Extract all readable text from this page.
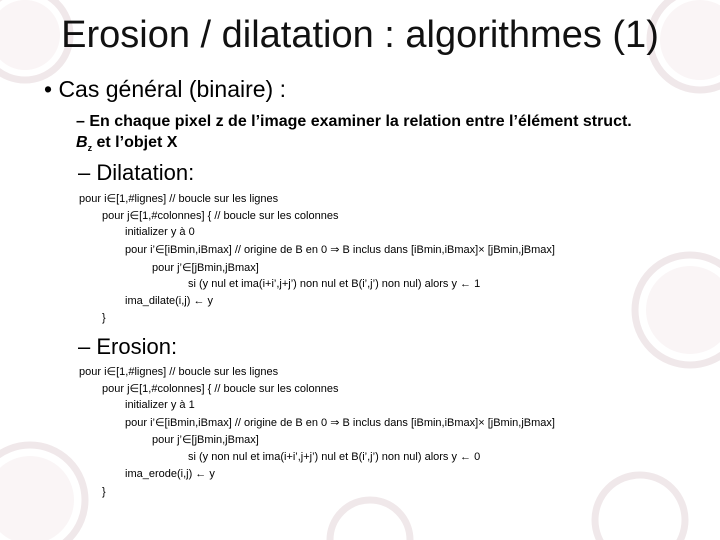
Erosion / dilatation : algorithmes (1)
• Cas général (binaire) :
– En chaque pixel z de l’image examiner la relation entre l’élément struct.
$B_z$ et l’objet X
– Dilatation:
pour i∈[1,#lignes] // boucle sur les lignes
pour j∈[1,#colonnes] { // boucle sur les colonnes
initializer y à 0
pour i’∈[iBmin,iBmax] // origine de B en 0 ⇒ B inclus dans [iBmin,iBmax]× [jBmin,jBmax]
pour j’∈[jBmin,jBmax]
si (y nul et ima(i+i’,j+j’) non nul et B(i’,j’) non nul) alors y ← 1
ima_dilate(i,j) ← y
}
– Erosion:
pour i∈[1,#lignes] // boucle sur les lignes
pour j∈[1,#colonnes] { // boucle sur les colonnes
initializer y à 1
pour i’∈[iBmin,iBmax] // origine de B en 0 ⇒ B inclus dans [iBmin,iBmax]× [jBmin,jBmax]
pour j’∈[jBmin,jBmax]
si (y non nul et ima(i+i’,j+j’) nul et B(i’,j’) non nul) alors y ← 0
ima_erode(i,j) ← y
}
